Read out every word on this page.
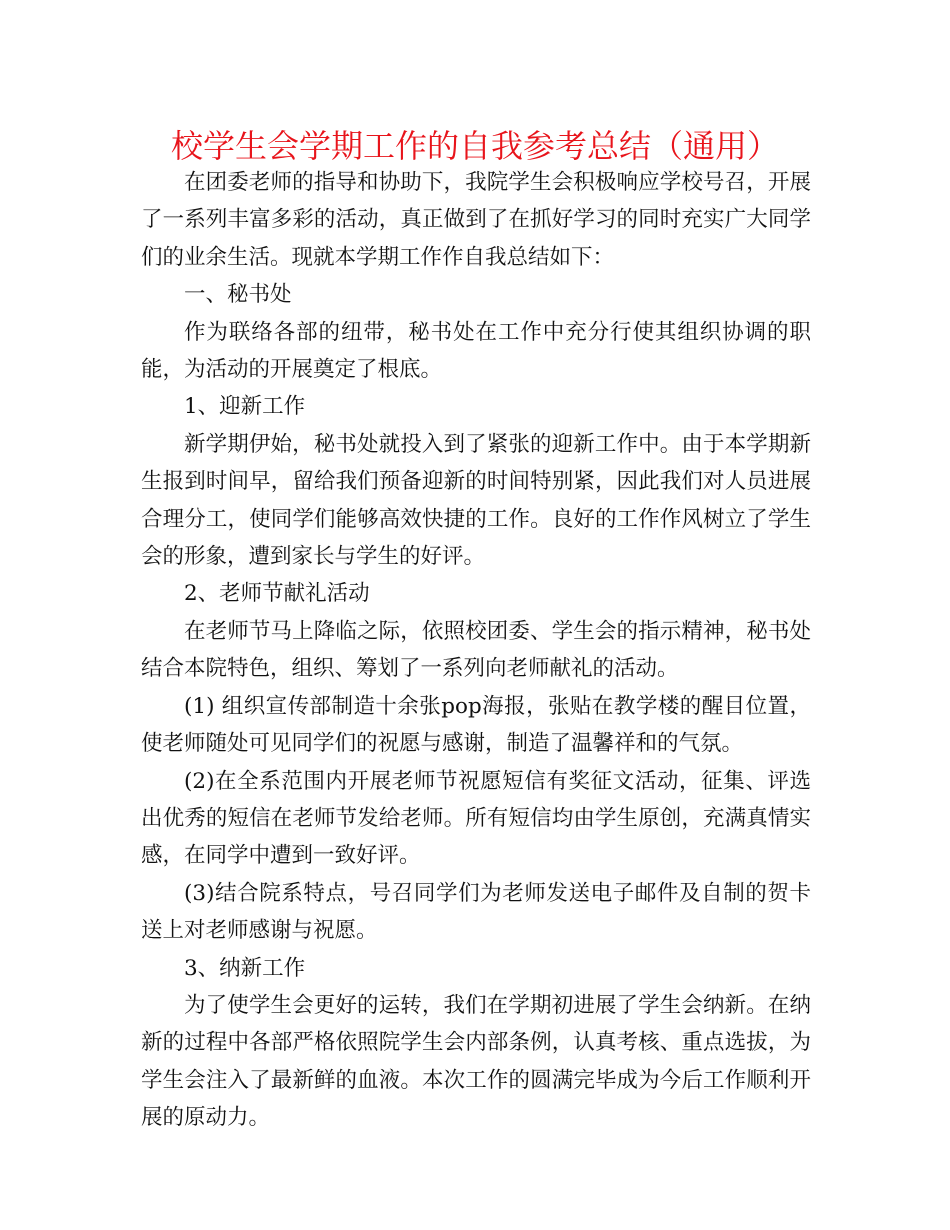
校学生会学期工作的自我参考总结（通用）

在团委老师的指导和协助下，我院学生会积极响应学校号召，开展了一系列丰富多彩的活动，真正做到了在抓好学习的同时充实广大同学们的业余生活。现就本学期工作作自我总结如下：

一、秘书处

作为联络各部的纽带，秘书处在工作中充分行使其组织协调的职能，为活动的开展奠定了根底。

1、迎新工作

新学期伊始，秘书处就投入到了紧张的迎新工作中。由于本学期新生报到时间早，留给我们预备迎新的时间特别紧，因此我们对人员进展合理分工，使同学们能够高效快捷的工作。良好的工作作风树立了学生会的形象，遭到家长与学生的好评。

2、老师节献礼活动

在老师节马上降临之际，依照校团委、学生会的指示精神，秘书处结合本院特色，组织、筹划了一系列向老师献礼的活动。

(1) 组织宣传部制造十余张pop海报，张贴在教学楼的醒目位置，使老师随处可见同学们的祝愿与感谢，制造了温馨祥和的气氛。

(2)在全系范围内开展老师节祝愿短信有奖征文活动，征集、评选出优秀的短信在老师节发给老师。所有短信均由学生原创，充满真情实感，在同学中遭到一致好评。

(3)结合院系特点，号召同学们为老师发送电子邮件及自制的贺卡送上对老师感谢与祝愿。

3、纳新工作

为了使学生会更好的运转，我们在学期初进展了学生会纳新。在纳新的过程中各部严格依照院学生会内部条例，认真考核、重点选拔，为学生会注入了最新鲜的血液。本次工作的圆满完毕成为今后工作顺利开展的原动力。
